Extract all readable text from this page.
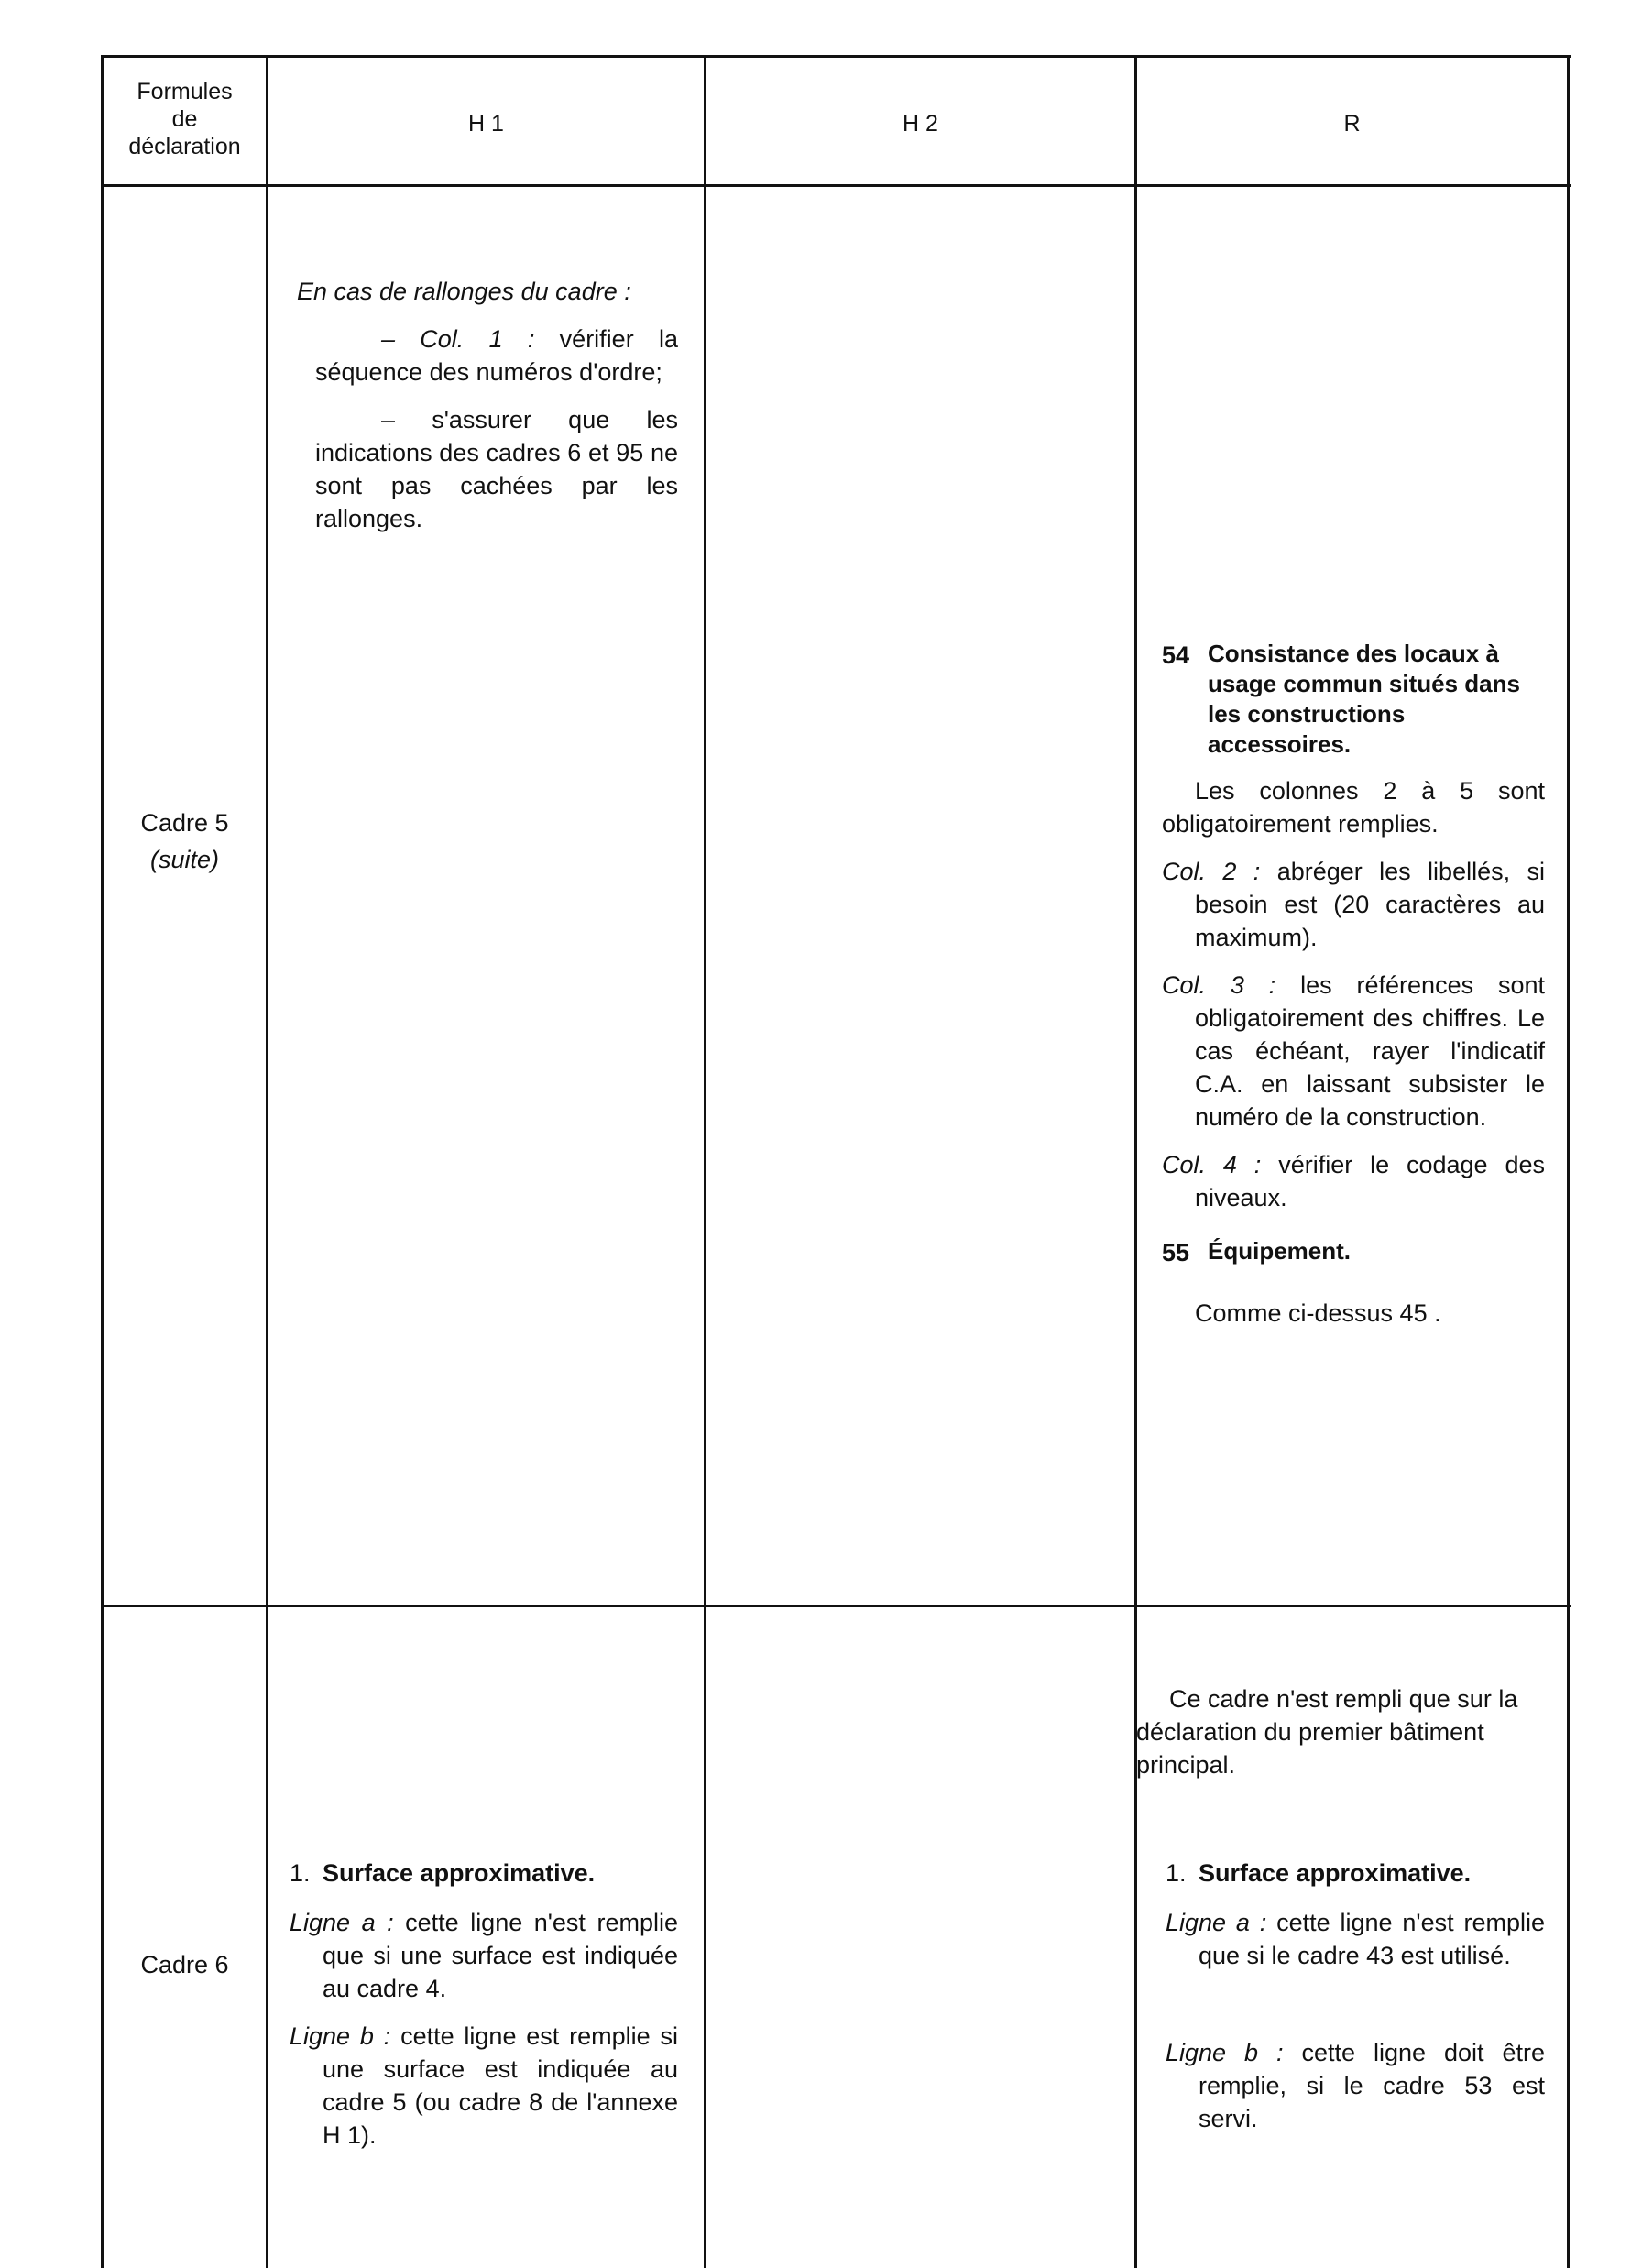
Formules
de
déclaration
H 1	H 2	R
Cadre 5
(suite)

En cas de rallonges du cadre :

– Col. 1 : vérifier la séquence des numéros d'ordre;

– s'assurer que les indications des cadres 6 et 95 ne sont pas cachées par les rallonges.

54 Consistance des locaux à usage commun situés dans les constructions accessoires.

Les colonnes 2 à 5 sont obligatoirement remplies.

Col. 2 : abréger les libellés, si besoin est (20 caractères au maximum).

Col. 3 : les références sont obligatoirement des chiffres. Le cas échéant, rayer l'indicatif C.A. en laissant subsister le numéro de la construction.

Col. 4 : vérifier le codage des niveaux.

55 Équipement.

Comme ci-dessus 45 .

Cadre 6
1. Surface approximative.

Ligne a : cette ligne n'est remplie que si une surface est indiquée au cadre 4.

Ligne b : cette ligne est remplie si une surface est indiquée au cadre 5 (ou cadre 8 de l'annexe H 1).

Ce cadre n'est rempli que sur la déclaration du premier bâtiment principal.
1. Surface approximative.

Ligne a : cette ligne n'est remplie que si le cadre 43 est utilisé.

Ligne b : cette ligne doit être remplie, si le cadre 53 est servi.
